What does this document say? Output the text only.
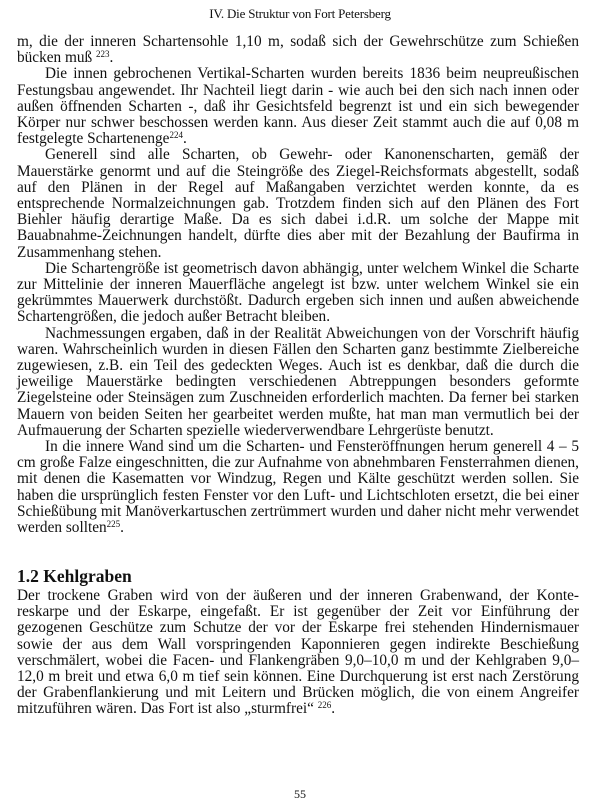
IV. Die Struktur von Fort Petersberg

m, die der inneren Schartensohle 1,10 m, sodaß sich der Gewehrschütze zum Schießen bücken muß $^{223}$.

Die innen gebrochenen Vertikal-Scharten wurden bereits 1836 beim neupreußischen Festungsbau angewendet. Ihr Nachteil liegt darin - wie auch bei den sich nach innen oder außen öffnenden Scharten -, daß ihr Gesichtsfeld begrenzt ist und ein sich bewegender Körper nur schwer beschossen werden kann. Aus dieser Zeit stammt auch die auf 0,08 m festgelegte Schartenenge$^{224}$.

Generell sind alle Scharten, ob Gewehr- oder Kanonenscharten, gemäß der Mauerstärke genormt und auf die Steingröße des Ziegel-Reichsformats abgestellt, sodaß auf den Plänen in der Regel auf Maßangaben verzichtet werden konnte, da es entsprechende Normalzeichnungen gab. Trotzdem finden sich auf den Plänen des Fort Biehler häufig derartige Maße. Da es sich dabei i.d.R. um solche der Mappe mit Bauabnahme-Zeichnungen handelt, dürfte dies aber mit der Bezahlung der Baufirma in Zusammenhang stehen.

Die Schartengröße ist geometrisch davon abhängig, unter welchem Winkel die Scharte zur Mittelinie der inneren Mauerfläche angelegt ist bzw. unter welchem Winkel sie ein gekrümmtes Mauerwerk durchstößt. Dadurch ergeben sich innen und außen abweichende Schartengrößen, die jedoch außer Betracht bleiben.

Nachmessungen ergaben, daß in der Realität Abweichungen von der Vorschrift häufig waren. Wahrscheinlich wurden in diesen Fällen den Scharten ganz bestimmte Zielbereiche zugewiesen, z.B. ein Teil des gedeckten Weges. Auch ist es denkbar, daß die durch die jeweilige Mauerstärke bedingten verschiedenen Abtreppungen besonders geformte Ziegelsteine oder Steinsägen zum Zuschneiden erforderlich machten. Da ferner bei starken Mauern von beiden Seiten her gearbeitet werden mußte, hat man man vermutlich bei der Aufmauerung der Scharten spezielle wiederverwendbare Lehrgerüste benutzt.

In die innere Wand sind um die Scharten- und Fensteröffnungen herum generell 4 – 5 cm große Falze eingeschnitten, die zur Aufnahme von abnehmbaren Fensterrahmen dienen, mit denen die Kasematten vor Windzug, Regen und Kälte geschützt werden sollen. Sie haben die ursprünglich festen Fenster vor den Luft- und Lichtschloten ersetzt, die bei einer Schießübung mit Manöverkartuschen zertrümmert wurden und daher nicht mehr verwendet werden sollten$^{225}$.

1.2 Kehlgraben

Der trockene Graben wird von der äußeren und der inneren Grabenwand, der Kontereskarpe und der Eskarpe, eingefaßt. Er ist gegenüber der Zeit vor Einführung der gezogenen Geschütze zum Schutze der vor der Eskarpe frei stehenden Hindernismauer sowie der aus dem Wall vorspringenden Kaponnieren gegen indirekte Beschießung verschmälert, wobei die Facen- und Flankengräben 9,0–10,0 m und der Kehlgraben 9,0–12,0 m breit und etwa 6,0 m tief sein können. Eine Durchquerung ist erst nach Zerstörung der Grabenflankierung und mit Leitern und Brücken möglich, die von einem Angreifer mitzuführen wären. Das Fort ist also „sturmfrei“ $^{226}$.

55
